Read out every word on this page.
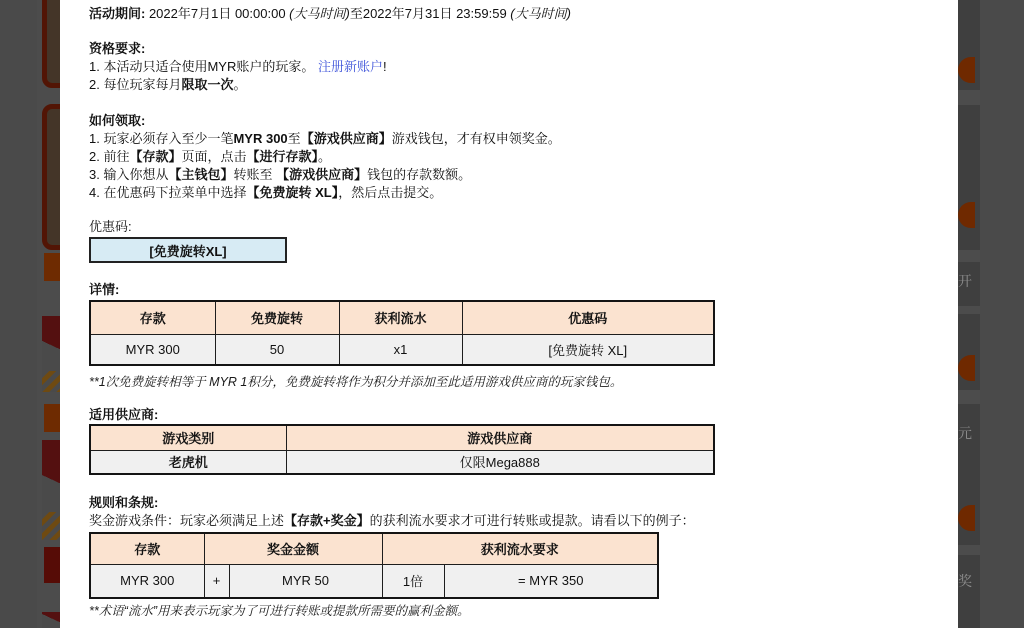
开
元
奖
活动期间: 2022年7月1日 00:00:00 (大马时间)至2022年7月31日 23:59:59 (大马时间)
资格要求:
1. 本活动只适合使用MYR账户的玩家。 注册新账户!
2. 每位玩家每月限取一次。
如何领取:
1. 玩家必须存入至少一笔MYR 300至【游戏供应商】游戏钱包，才有权申领奖金。
2. 前往【存款】页面，点击【进行存款】。
3. 输入你想从【主钱包】转账至 【游戏供应商】钱包的存款数额。
4. 在优惠码下拉菜单中选择【免费旋转 XL】，然后点击提交。
优惠码:
[免费旋转XL]
详情:
存款	免费旋转	获利流水	优惠码
MYR 300	50	x1	[免费旋转 XL]
**1次免费旋转相等于 MYR 1积分，免费旋转将作为积分并添加至此适用游戏供应商的玩家钱包。
适用供应商:
游戏类别	游戏供应商
老虎机	仅限Mega888
规则和条规:
奖金游戏条件：玩家必须满足上述【存款+奖金】的获利流水要求才可进行转账或提款。请看以下的例子：
存款	奖金金额		获利流水要求	
MYR 300	+	MYR 50	1倍	= MYR 350
**术语“流水”用来表示玩家为了可进行转账或提款所需要的赢利金额。
